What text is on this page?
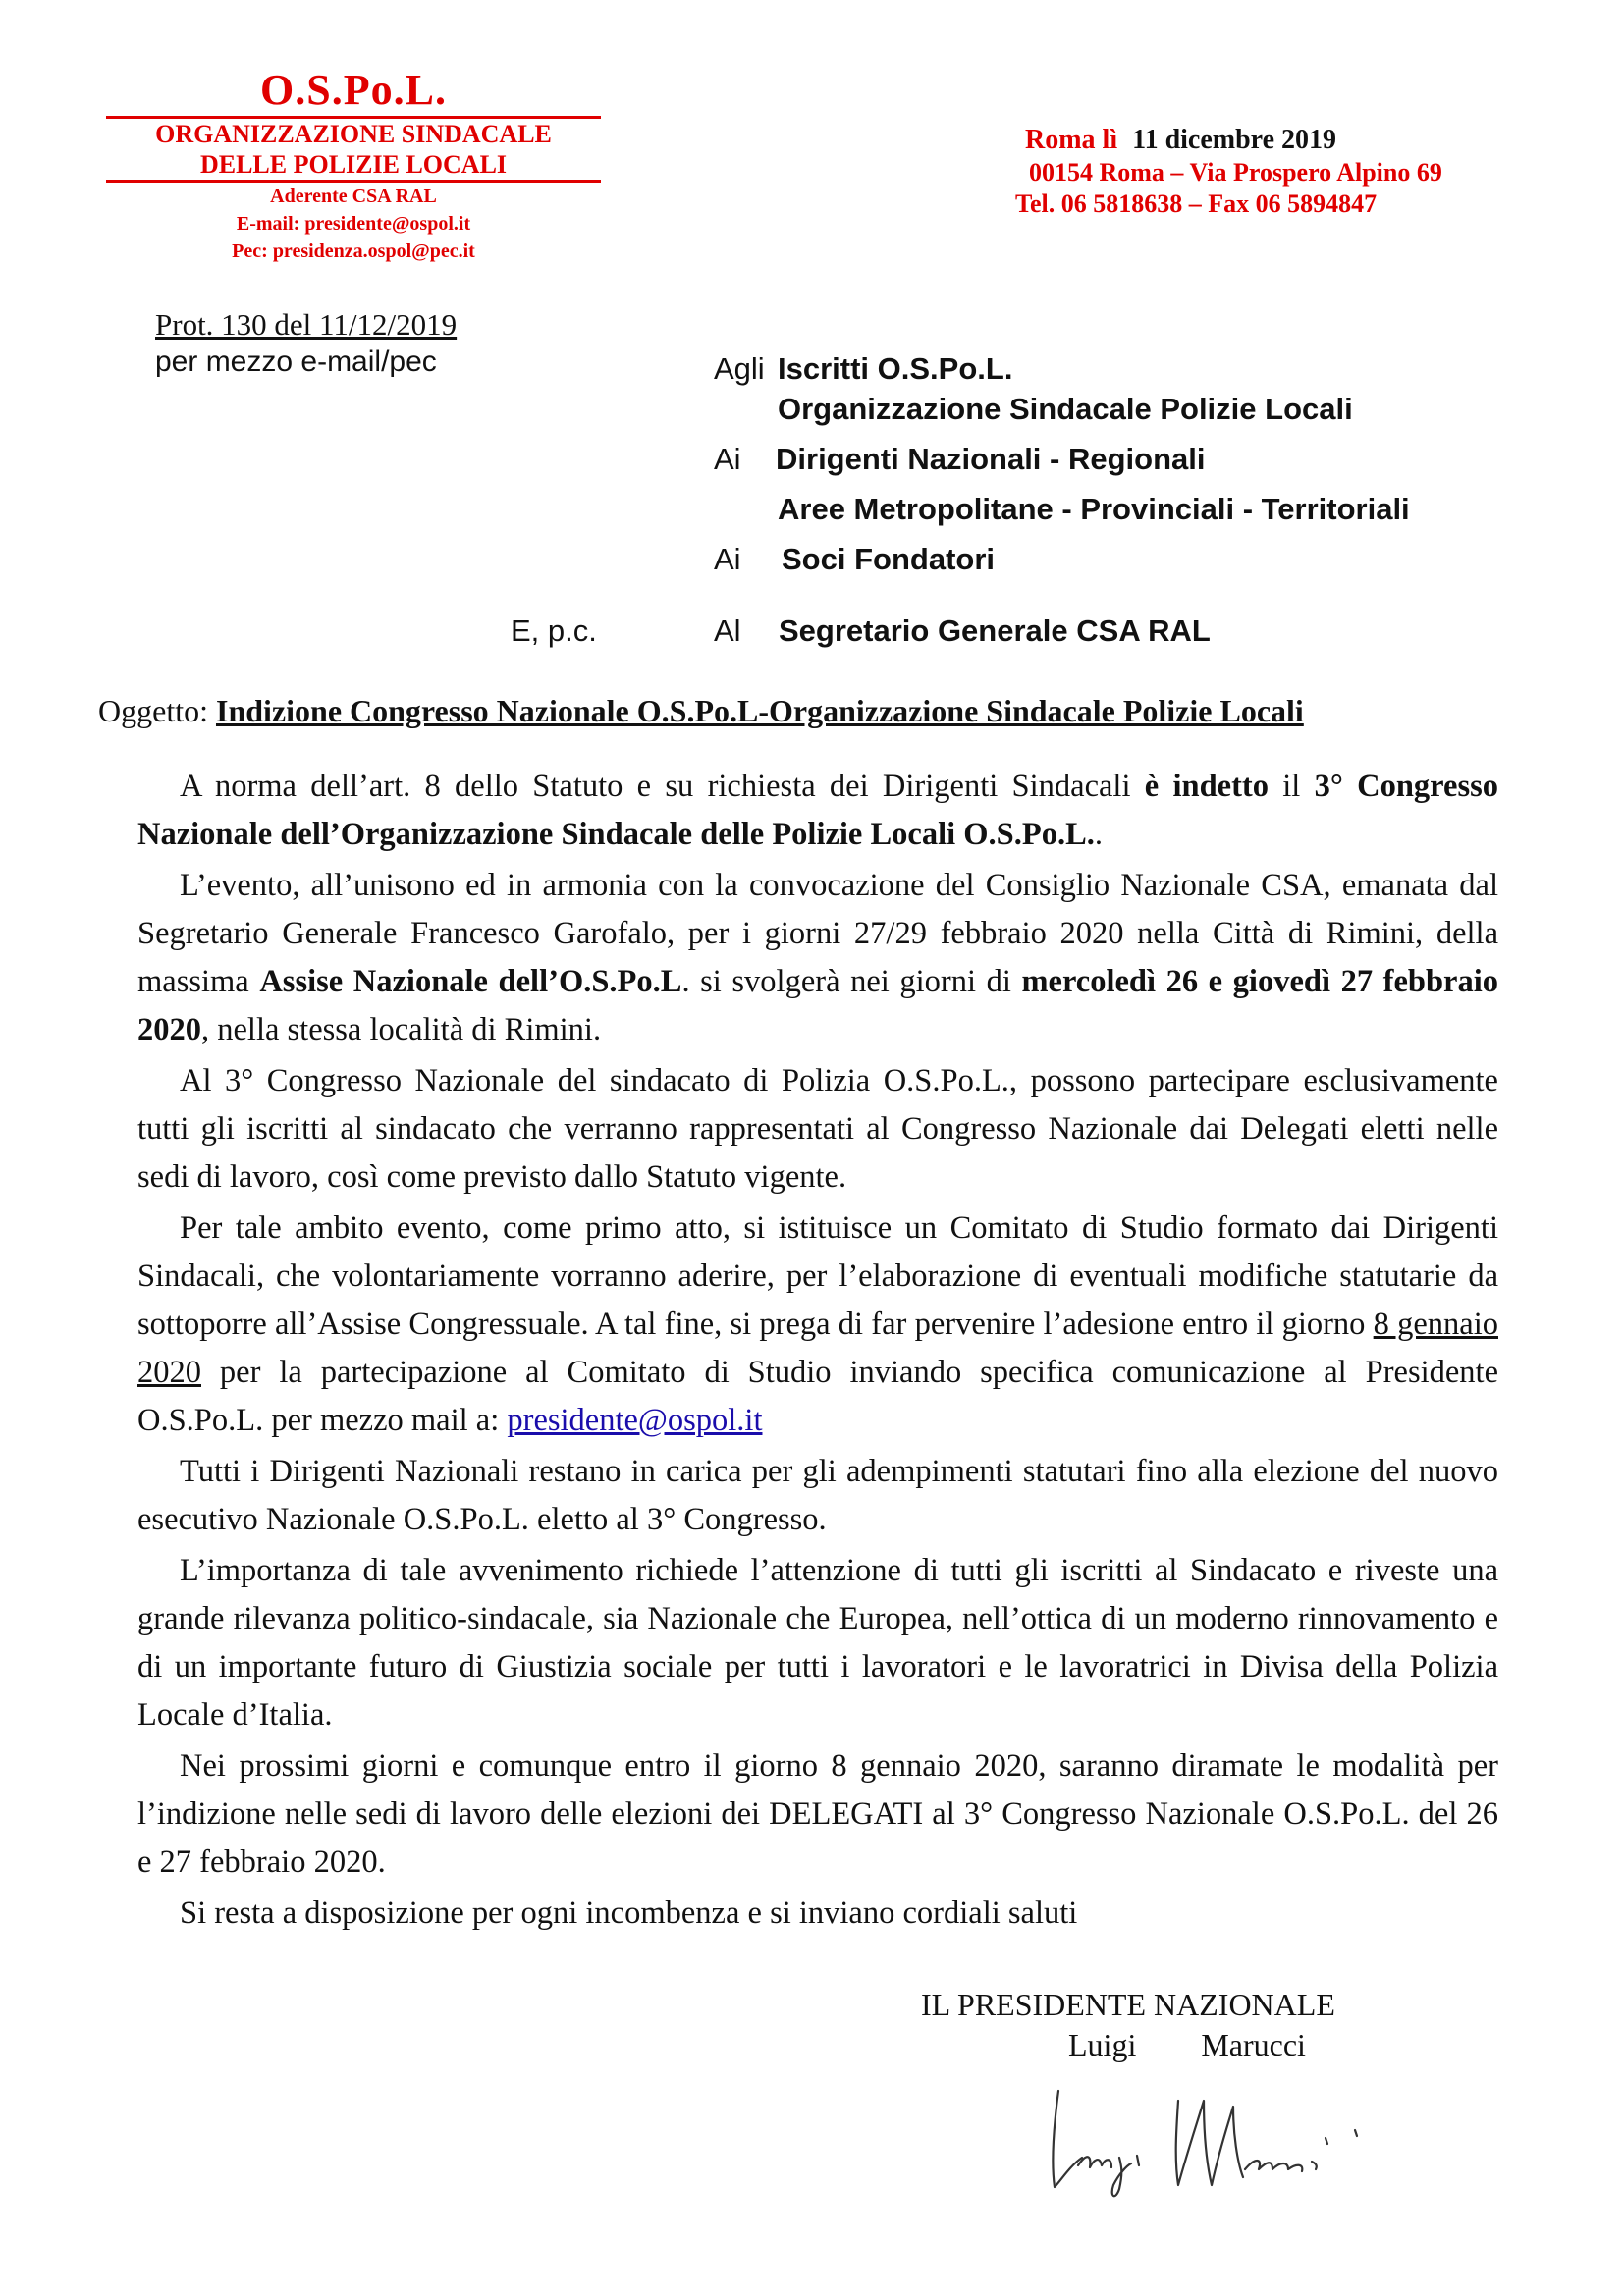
O.S.Po.L.
ORGANIZZAZIONE SINDACALE
DELLE POLIZIE LOCALI
Aderente CSA RAL
E-mail: presidente@ospol.it
Pec: presidenza.ospol@pec.it
Roma lì 11 dicembre 2019
00154 Roma – Via Prospero Alpino 69
Tel. 06 5818638 – Fax 06 5894847
Prot. 130 del 11/12/2019
per mezzo e-mail/pec	Agli Iscritti O.S.Po.L.
Organizzazione Sindacale Polizie Locali
Ai Dirigenti Nazionali - Regionali
Aree Metropolitane - Provinciali - Territoriali
Ai Soci Fondatori
E, p.c.	Al Segretario Generale CSA RAL
Oggetto: Indizione Congresso Nazionale O.S.Po.L-Organizzazione Sindacale Polizie Locali

A norma dell’art. 8 dello Statuto e su richiesta dei Dirigenti Sindacali è indetto il 3° Congresso Nazionale dell’Organizzazione Sindacale delle Polizie Locali O.S.Po.L..

L’evento, all’unisono ed in armonia con la convocazione del Consiglio Nazionale CSA, emanata dal Segretario Generale Francesco Garofalo, per i giorni 27/29 febbraio 2020 nella Città di Rimini, della massima Assise Nazionale dell’O.S.Po.L. si svolgerà nei giorni di mercoledì 26 e giovedì 27 febbraio 2020, nella stessa località di Rimini.

Al 3° Congresso Nazionale del sindacato di Polizia O.S.Po.L., possono partecipare esclusivamente tutti gli iscritti al sindacato che verranno rappresentati al Congresso Nazionale dai Delegati eletti nelle sedi di lavoro, così come previsto dallo Statuto vigente.

Per tale ambito evento, come primo atto, si istituisce un Comitato di Studio formato dai Dirigenti Sindacali, che volontariamente vorranno aderire, per l’elaborazione di eventuali modifiche statutarie da sottoporre all’Assise Congressuale. A tal fine, si prega di far pervenire l’adesione entro il giorno 8 gennaio 2020 per la partecipazione al Comitato di Studio inviando specifica comunicazione al Presidente O.S.Po.L. per mezzo mail a: presidente@ospol.it

Tutti i Dirigenti Nazionali restano in carica per gli adempimenti statutari fino alla elezione del nuovo esecutivo Nazionale O.S.Po.L. eletto al 3° Congresso.

L’importanza di tale avvenimento richiede l’attenzione di tutti gli iscritti al Sindacato e riveste una grande rilevanza politico-sindacale, sia Nazionale che Europea, nell’ottica di un moderno rinnovamento e di un importante futuro di Giustizia sociale per tutti i lavoratori e le lavoratrici in Divisa della Polizia Locale d’Italia.

Nei prossimi giorni e comunque entro il giorno 8 gennaio 2020, saranno diramate le modalità per l’indizione nelle sedi di lavoro delle elezioni dei DELEGATI al 3° Congresso Nazionale O.S.Po.L. del 26 e 27 febbraio 2020.

Si resta a disposizione per ogni incombenza e si inviano cordiali saluti

IL PRESIDENTE NAZIONALE
Luigi   Marucci
